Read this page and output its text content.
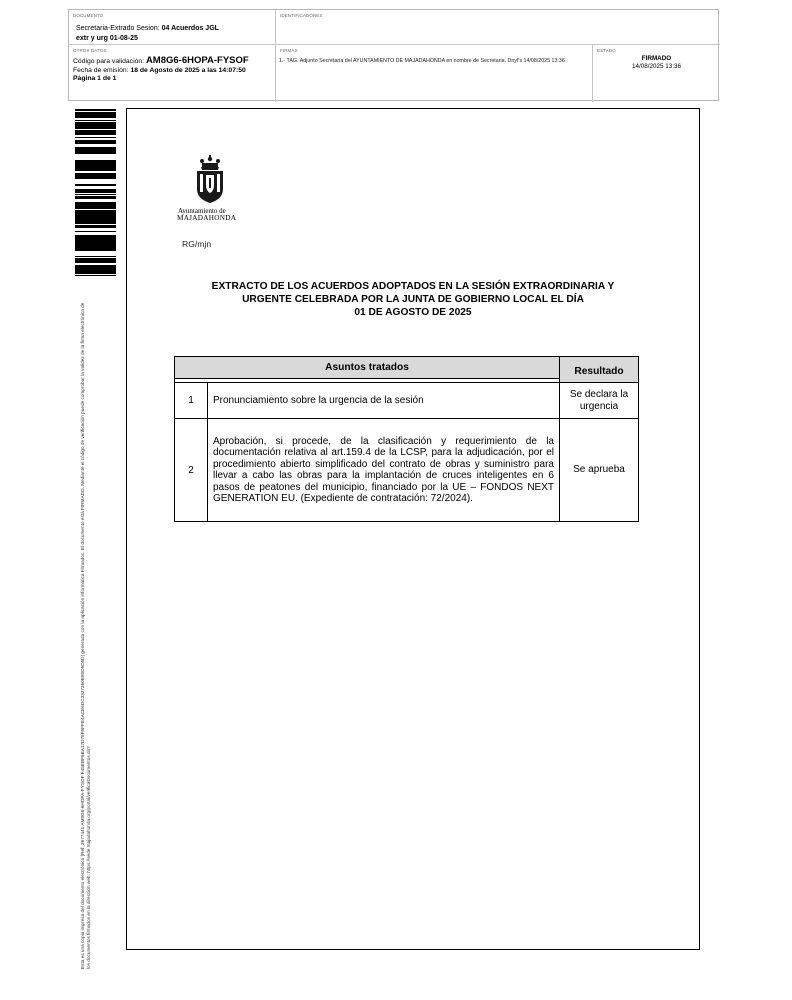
DOCUMENTO
Secretaria-Extrado Sesion: 04 Acuerdos JGL
extr y urg 01-08-25
IDENTIFICADORES
OTROS DATOS
Código para validación: AM8G6-6HOPA-FYSOF
Fecha de emisión: 18 de Agosto de 2025 a las 14:07:50
Página 1 de 1
FIRMAS
1.- TAG. Adjunto Secretaria del AYUNTAMIENTO DE MAJADAHONDA en nombre de Secretaria. Dnyf's 14/08/2025 13:36
ESTADO
FIRMADO
14/08/2025 13:36
Esta es una copia impresa del documento electrónico (Ref: 3677441 AM8G6-6HOPA-FYSOF F45EBF6BA17D75F5FFE4ACE6DC3327350E80D5D5D) generada con la aplicación informática Firmadoc. El documento está FIRMADO. Mediante el código de verificación puede comprobar la validez de la firma electrónica de los documentos firmados en la dirección web: https://sede.majadahonda.org/portal/verificaDocumentos.do?
Ayuntamiento de
MAJADAHONDA
RG/mjn
EXTRACTO DE LOS ACUERDOS ADOPTADOS EN LA SESIÓN EXTRAORDINARIA Y
URGENTE CELEBRADA POR LA JUNTA DE GOBIERNO LOCAL EL DÍA
01 DE AGOSTO DE 2025
Asuntos tratados		Resultado

1	Pronunciamiento sobre la urgencia de la sesión	Se declara la urgencia
2	Aprobación, si procede, de la clasificación y requerimiento de la documentación relativa al art.159.4 de la LCSP, para la adjudicación, por el procedimiento abierto simplificado del contrato de obras y suministro para llevar a cabo las obras para la implantación de cruces inteligentes en 6 pasos de peatones del municipio, financiado por la UE – FONDOS NEXT GENERATION EU. (Expediente de contratación: 72/2024).	Se aprueba
